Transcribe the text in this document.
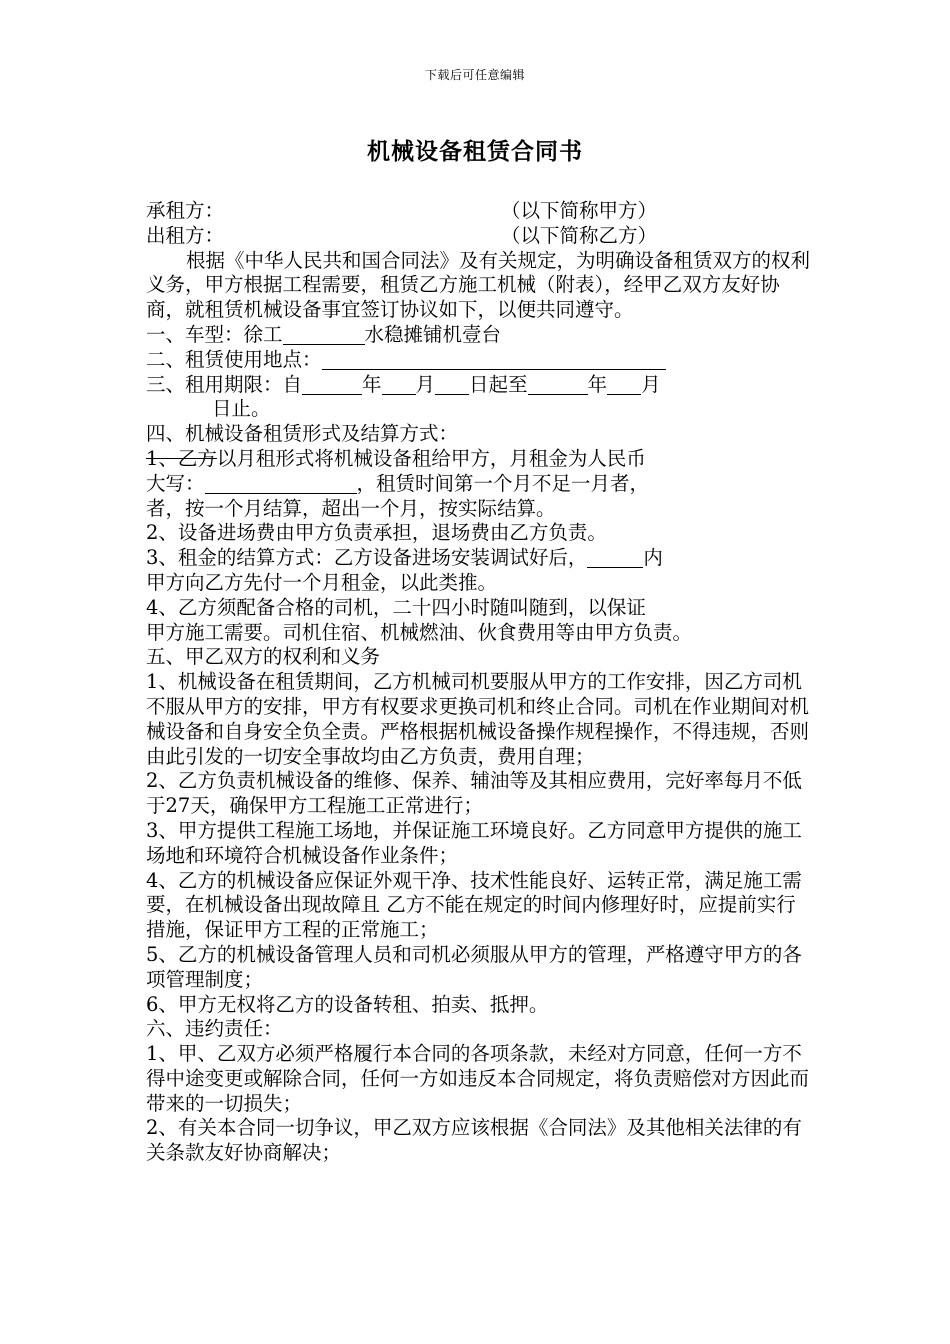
下载后可任意编辑
机械设备租赁合同书
承租方：	（以下简称甲方）
出租方：	（以下简称乙方）
根据《中华人民共和国合同法》及有关规定，为明确设备租赁双方的权利义务，甲方根据工程需要，租赁乙方施工机械（附表），经甲乙双方友好协商，就租赁机械设备事宜签订协议如下，以便共同遵守。
一、车型：徐工	水稳摊铺机壹台
二、租赁使用地点：
三、租用期限：自	年 月 日起至	年 月
日止。
四、机械设备租赁形式及结算方式：
1、乙方以月租形式将机械设备租给甲方，月租金为人民币
大写：	，租赁时间第一个月不足一月者，
者，按一个月结算，超出一个月，按实际结算。
2、设备进场费由甲方负责承担，退场费由乙方负责。
3、租金的结算方式：乙方设备进场安装调试好后，	内
甲方向乙方先付一个月租金，以此类推。
4、乙方须配备合格的司机，二十四小时随叫随到，以保证
甲方施工需要。司机住宿、机械燃油、伙食费用等由甲方负责。
五、甲乙双方的权利和义务
1、机械设备在租赁期间，乙方机械司机要服从甲方的工作安排，因乙方司机不服从甲方的安排，甲方有权要求更换司机和终止合同。司机在作业期间对机械设备和自身安全负全责。严格根据机械设备操作规程操作，不得违规，否则由此引发的一切安全事故均由乙方负责，费用自理；
2、乙方负责机械设备的维修、保养、辅油等及其相应费用，完好率每月不低于27天，确保甲方工程施工正常进行；
3、甲方提供工程施工场地，并保证施工环境良好。乙方同意甲方提供的施工场地和环境符合机械设备作业条件；
4、乙方的机械设备应保证外观干净、技术性能良好、运转正常，满足施工需要，在机械设备出现故障且 乙方不能在规定的时间内修理好时，应提前实行措施，保证甲方工程的正常施工；
5、乙方的机械设备管理人员和司机必须服从甲方的管理，严格遵守甲方的各项管理制度；
6、甲方无权将乙方的设备转租、拍卖、抵押。
六、违约责任：
1、甲、乙双方必须严格履行本合同的各项条款，未经对方同意，任何一方不得中途变更或解除合同，任何一方如违反本合同规定，将负责赔偿对方因此而带来的一切损失；
2、有关本合同一切争议，甲乙双方应该根据《合同法》及其他相关法律的有关条款友好协商解决；
